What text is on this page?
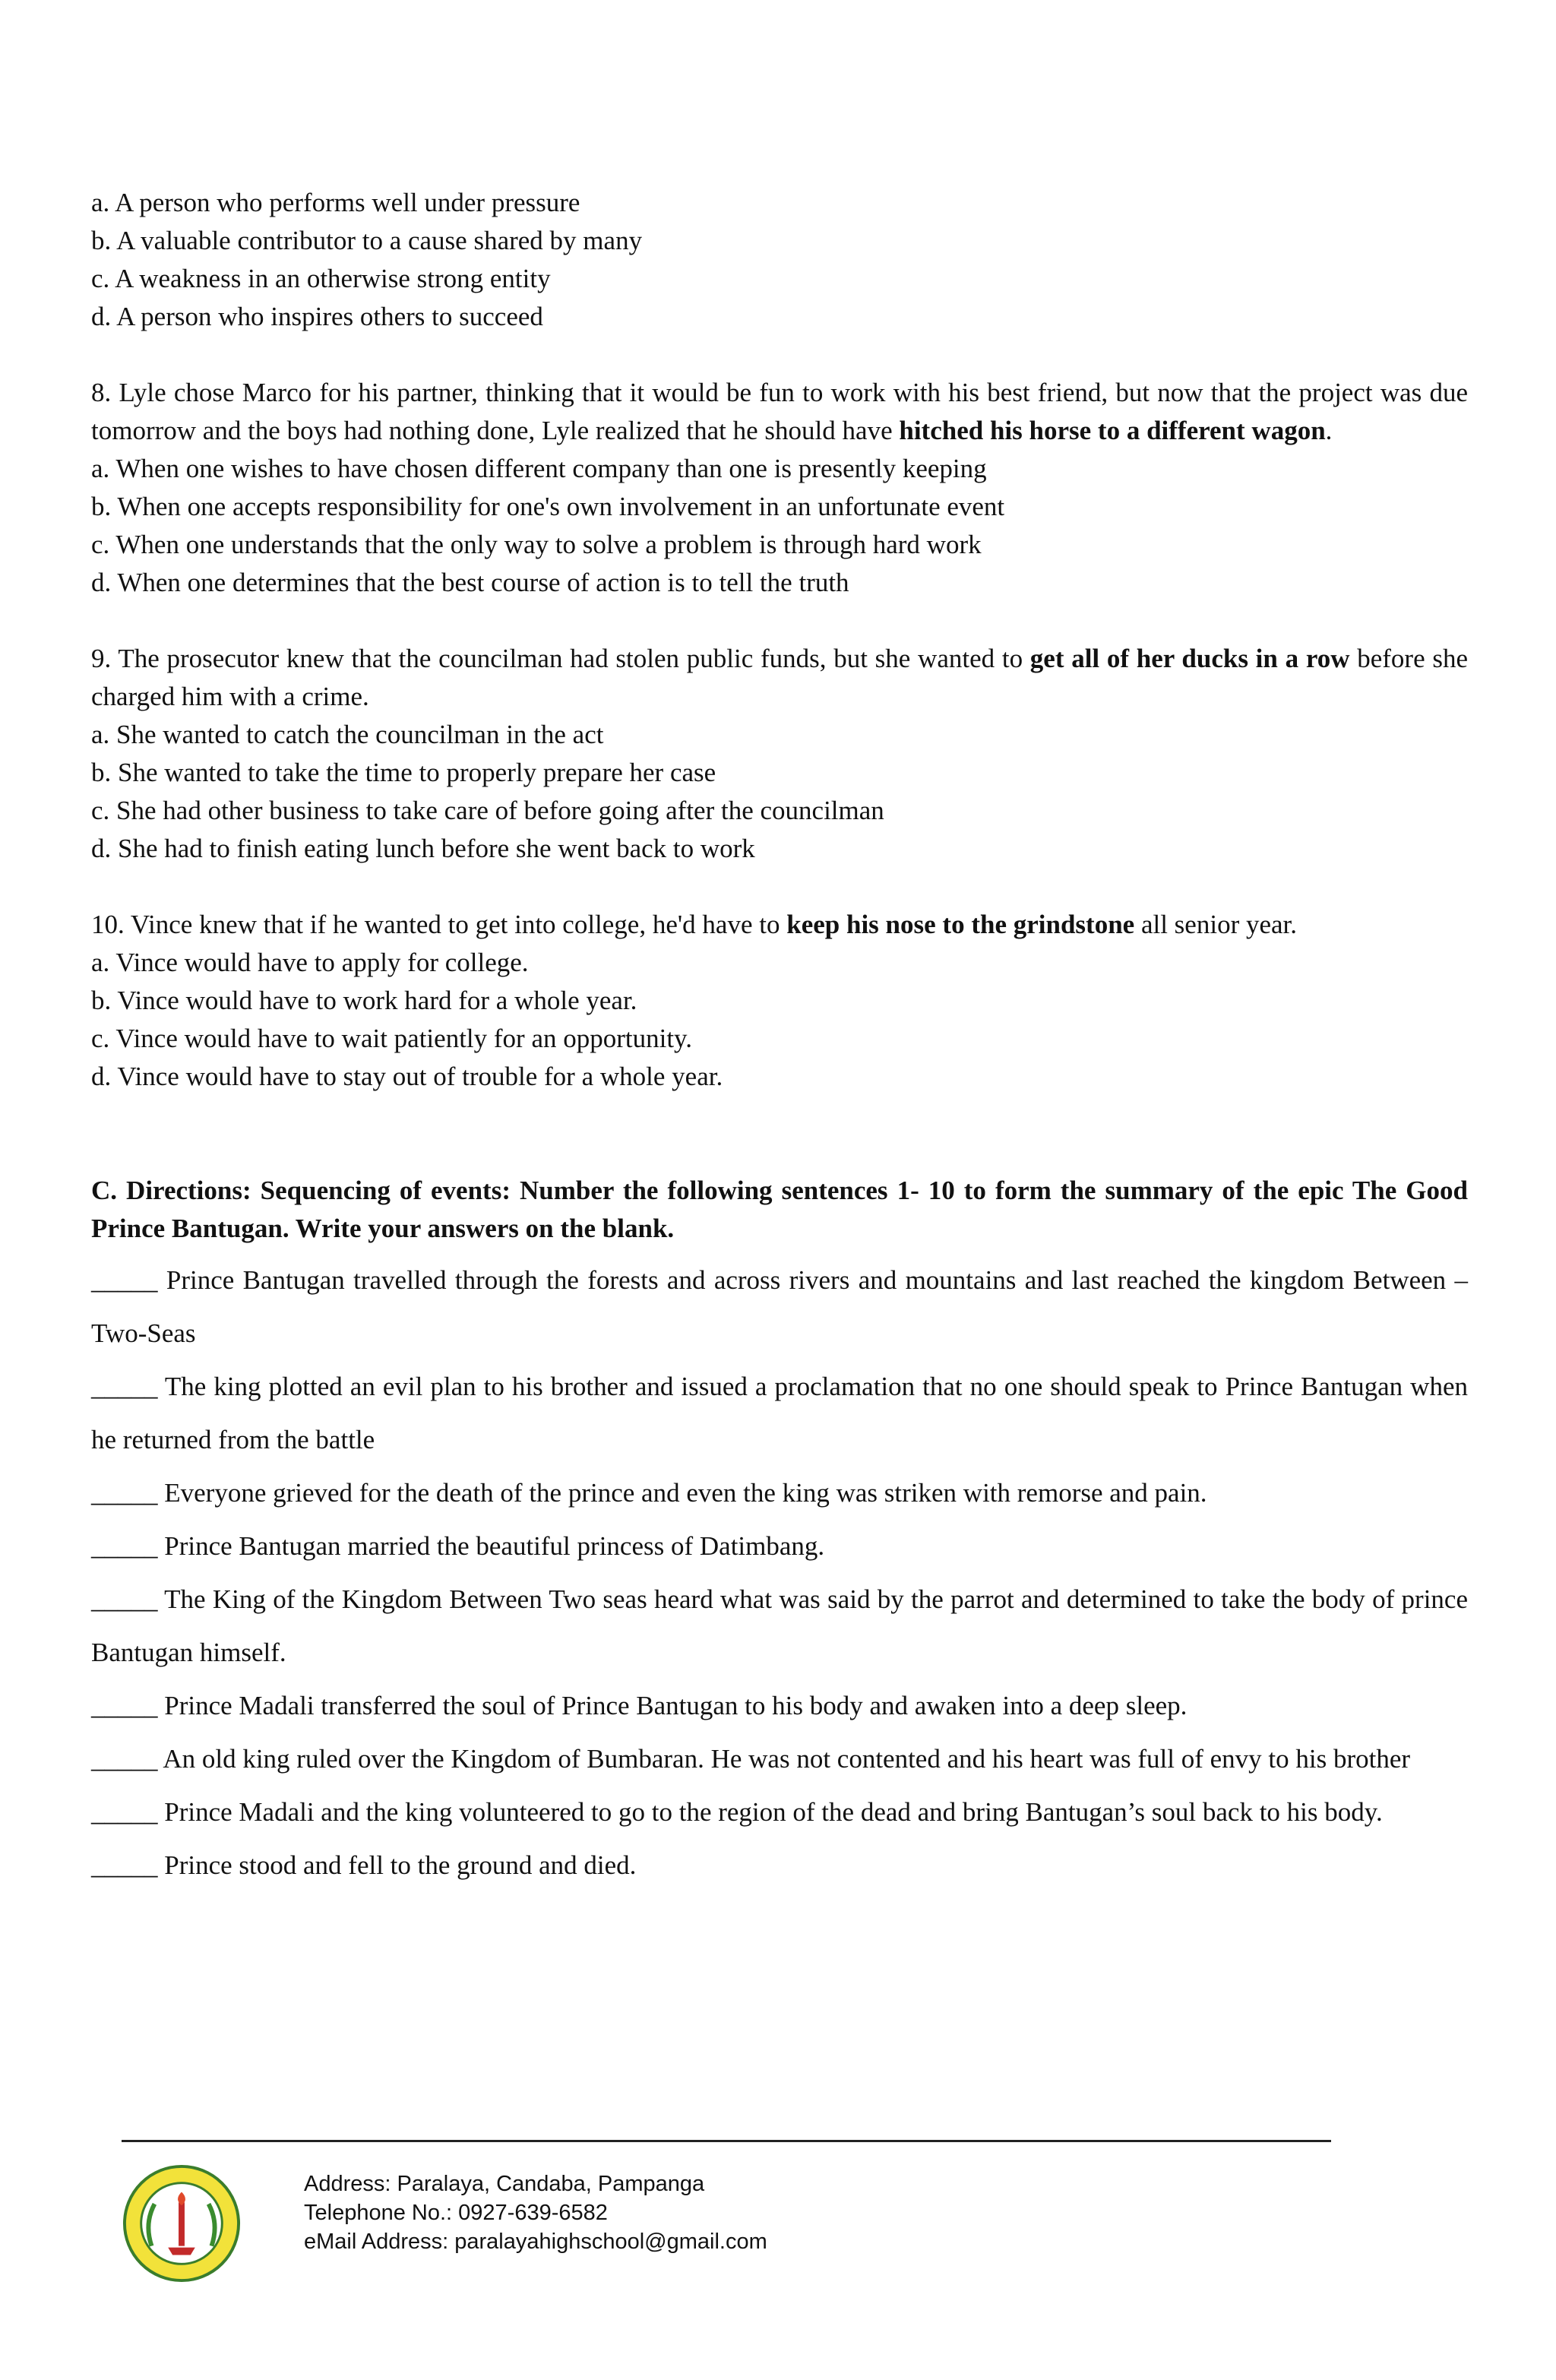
a. A person who performs well under pressure
b. A valuable contributor to a cause shared by many
c. A weakness in an otherwise strong entity
d. A person who inspires others to succeed
8. Lyle chose Marco for his partner, thinking that it would be fun to work with his best friend, but now that the project was due tomorrow and the boys had nothing done, Lyle realized that he should have hitched his horse to a different wagon.
a. When one wishes to have chosen different company than one is presently keeping
b. When one accepts responsibility for one's own involvement in an unfortunate event
c. When one understands that the only way to solve a problem is through hard work
d. When one determines that the best course of action is to tell the truth
9. The prosecutor knew that the councilman had stolen public funds, but she wanted to get all of her ducks in a row before she charged him with a crime.
a. She wanted to catch the councilman in the act
b. She wanted to take the time to properly prepare her case
c. She had other business to take care of before going after the councilman
d. She had to finish eating lunch before she went back to work
10. Vince knew that if he wanted to get into college, he'd have to keep his nose to the grindstone all senior year.
a. Vince would have to apply for college.
b. Vince would have to work hard for a whole year.
c. Vince would have to wait patiently for an opportunity.
d. Vince would have to stay out of trouble for a whole year.
C. Directions: Sequencing of events: Number the following sentences 1- 10 to form the summary of the epic The Good Prince Bantugan. Write your answers on the blank.
_____ Prince Bantugan travelled through the forests and across rivers and mountains and last reached the kingdom Between – Two-Seas
_____ The king plotted an evil plan to his brother and issued a proclamation that no one should speak to Prince Bantugan when he returned from the battle
_____ Everyone grieved for the death of the prince and even the king was striken with remorse and pain.
_____ Prince Bantugan married the beautiful princess of Datimbang.
_____ The King of the Kingdom Between Two seas heard what was said by the parrot and determined to take the body of prince Bantugan himself.
_____ Prince Madali transferred the soul of Prince Bantugan to his body and awaken into a deep sleep.
_____ An old king ruled over the Kingdom of Bumbaran. He was not contented and his heart was full of envy to his brother
_____ Prince Madali and the king volunteered to go to the region of the dead and bring Bantugan’s soul back to his body.
_____ Prince stood and fell to the ground and died.
Address: Paralaya, Candaba, Pampanga
Telephone No.: 0927-639-6582
eMail Address: paralayahighschool@gmail.com
